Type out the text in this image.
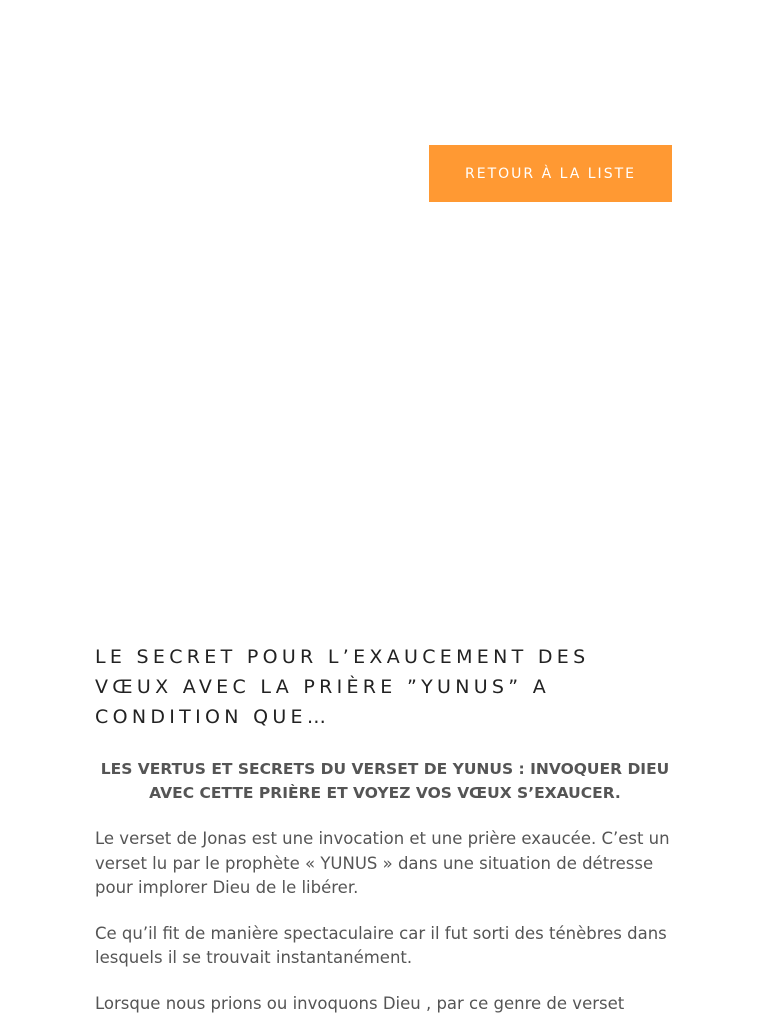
RETOUR À LA LISTE
LE SECRET POUR L’EXAUCEMENT DES VŒUX AVEC LA PRIÈRE ”YUNUS” A CONDITION QUE…

LES VERTUS ET SECRETS DU VERSET DE YUNUS : INVOQUER DIEU AVEC CETTE PRIÈRE ET VOYEZ VOS VŒUX S’EXAUCER.

Le verset de Jonas est une invocation et une prière exaucée. C’est un verset lu par le prophète « YUNUS » dans une situation de détresse pour implorer Dieu de le libérer.

Ce qu’il fit de manière spectaculaire car il fut sorti des ténèbres dans lesquels il se trouvait instantanément.

Lorsque nous prions ou invoquons Dieu , par ce genre de verset
